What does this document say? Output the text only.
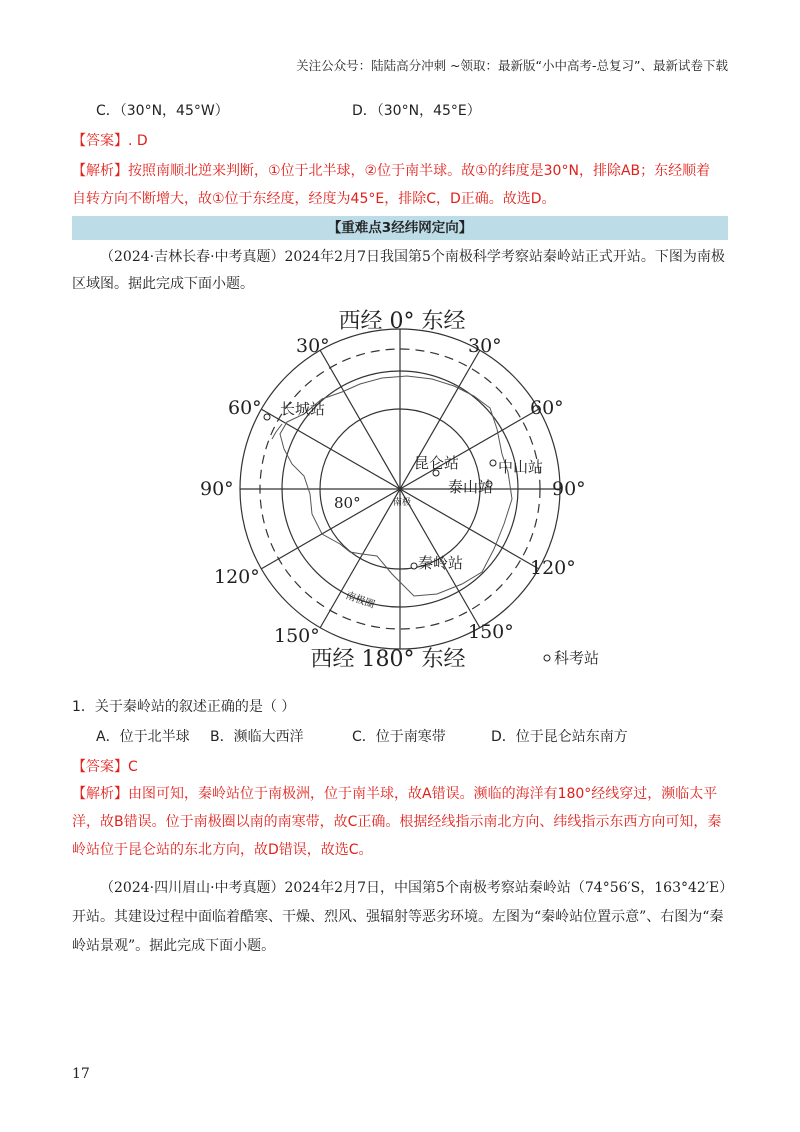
关注公众号：陆陆高分冲刺 ~领取：最新版“小中高考-总复习”、最新试卷下载
C．（30°N，45°W）	D．（30°N，45°E）
【答案】. D
【解析】按照南顺北逆来判断，①位于北半球，②位于南半球。故①的纬度是30°N，排除AB；东经顺着
自转方向不断增大，故①位于东经度，经度为45°E，排除C，D正确。故选D。
【重难点3经纬网定向】
（2024·吉林长春·中考真题）2024年2月7日我国第5个南极科学考察站秦岭站正式开站。下图为南极区域图。据此完成下面小题。
西经 0° 东经
西经 180° 东经
30°	30°
60°	60°
90°	90°
120°	120°
150°	150°
80°	南极
南极圈
长城站
昆仑站	中山站
泰山站
秦岭站
科考站
1．关于秦岭站的叙述正确的是（ ）
A．位于北半球 B．濒临大西洋	C．位于南寒带	D．位于昆仑站东南方
【答案】C
【解析】由图可知，秦岭站位于南极洲，位于南半球，故A错误。濒临的海洋有180°经线穿过，濒临太平洋，故B错误。位于南极圈以南的南寒带，故C正确。根据经线指示南北方向、纬线指示东西方向可知，秦岭站位于昆仑站的东北方向，故D错误，故选C。
（2024·四川眉山·中考真题）2024年2月7日，中国第5个南极考察站秦岭站（74°56′S，163°42′E）开站。其建设过程中面临着酷寒、干燥、烈风、强辐射等恶劣环境。左图为“秦岭站位置示意”、右图为“秦岭站景观”。据此完成下面小题。
17
